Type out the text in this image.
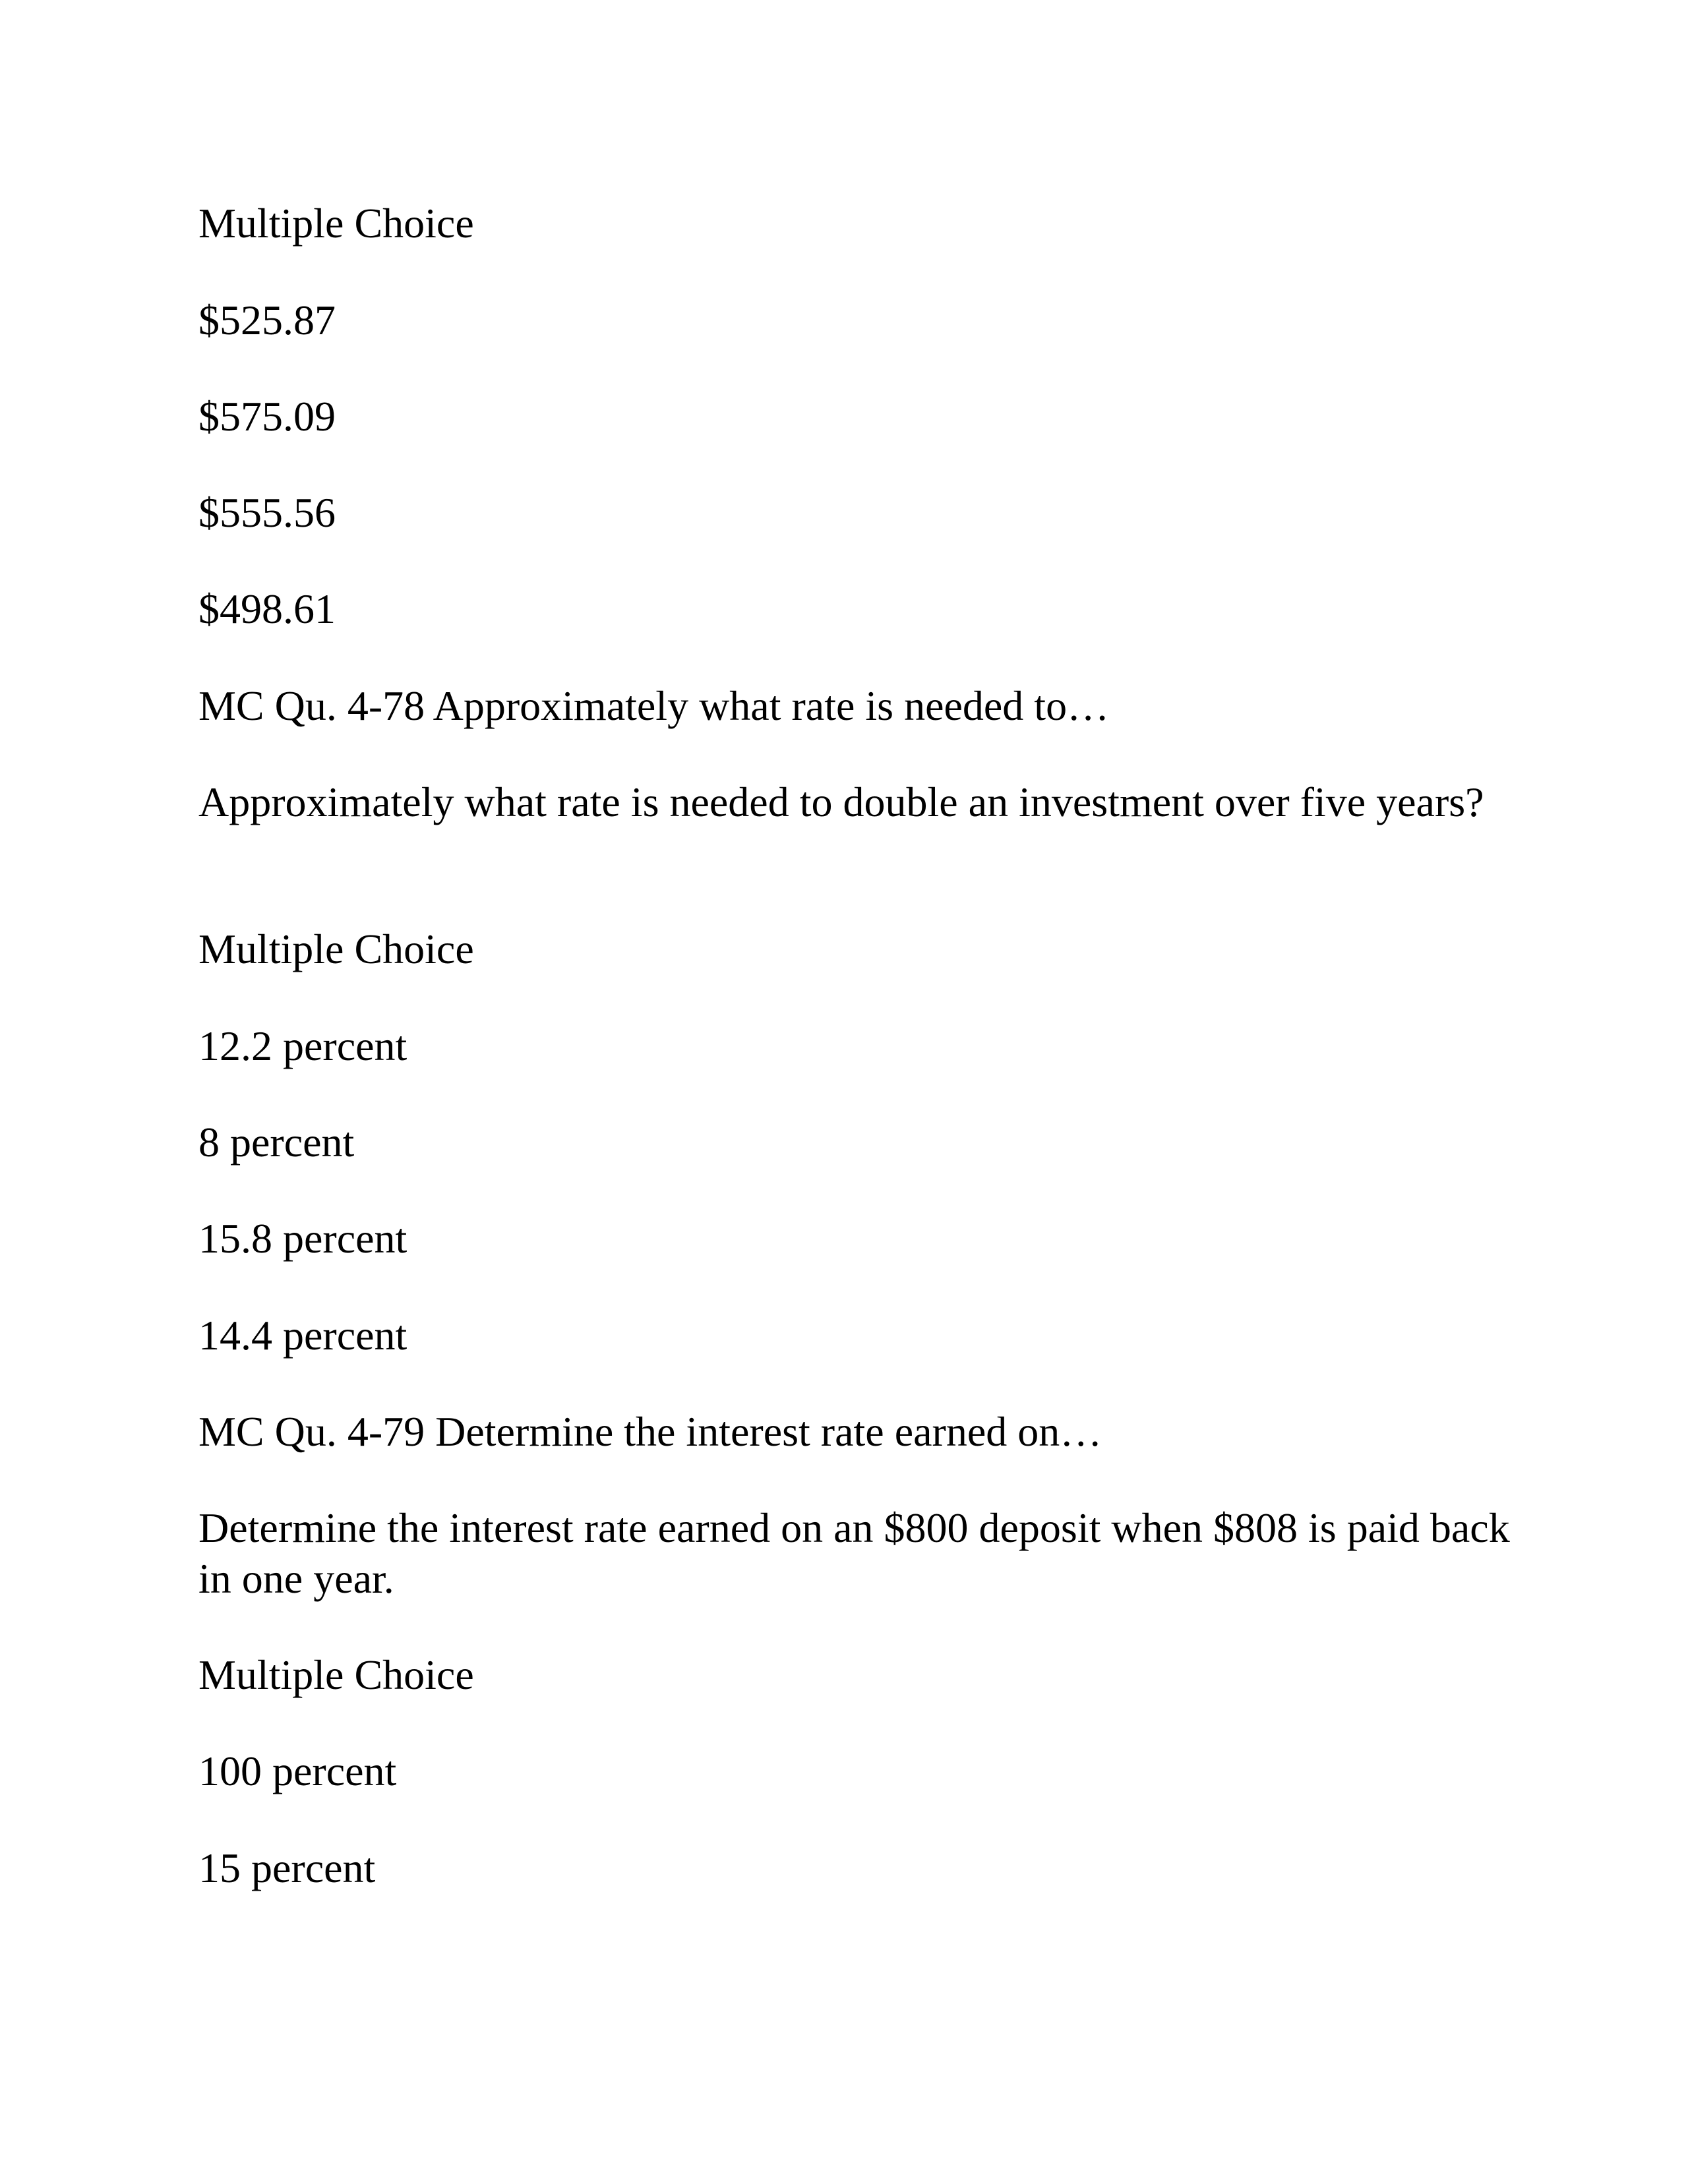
Multiple Choice
$525.87
$575.09
$555.56
$498.61
MC Qu. 4-78 Approximately what rate is needed to…
Approximately what rate is needed to double an investment over five years?
Multiple Choice
12.2 percent
8 percent
15.8 percent
14.4 percent
MC Qu. 4-79 Determine the interest rate earned on…
Determine the interest rate earned on an $800 deposit when $808 is paid back in one year.
Multiple Choice
100 percent
15 percent
